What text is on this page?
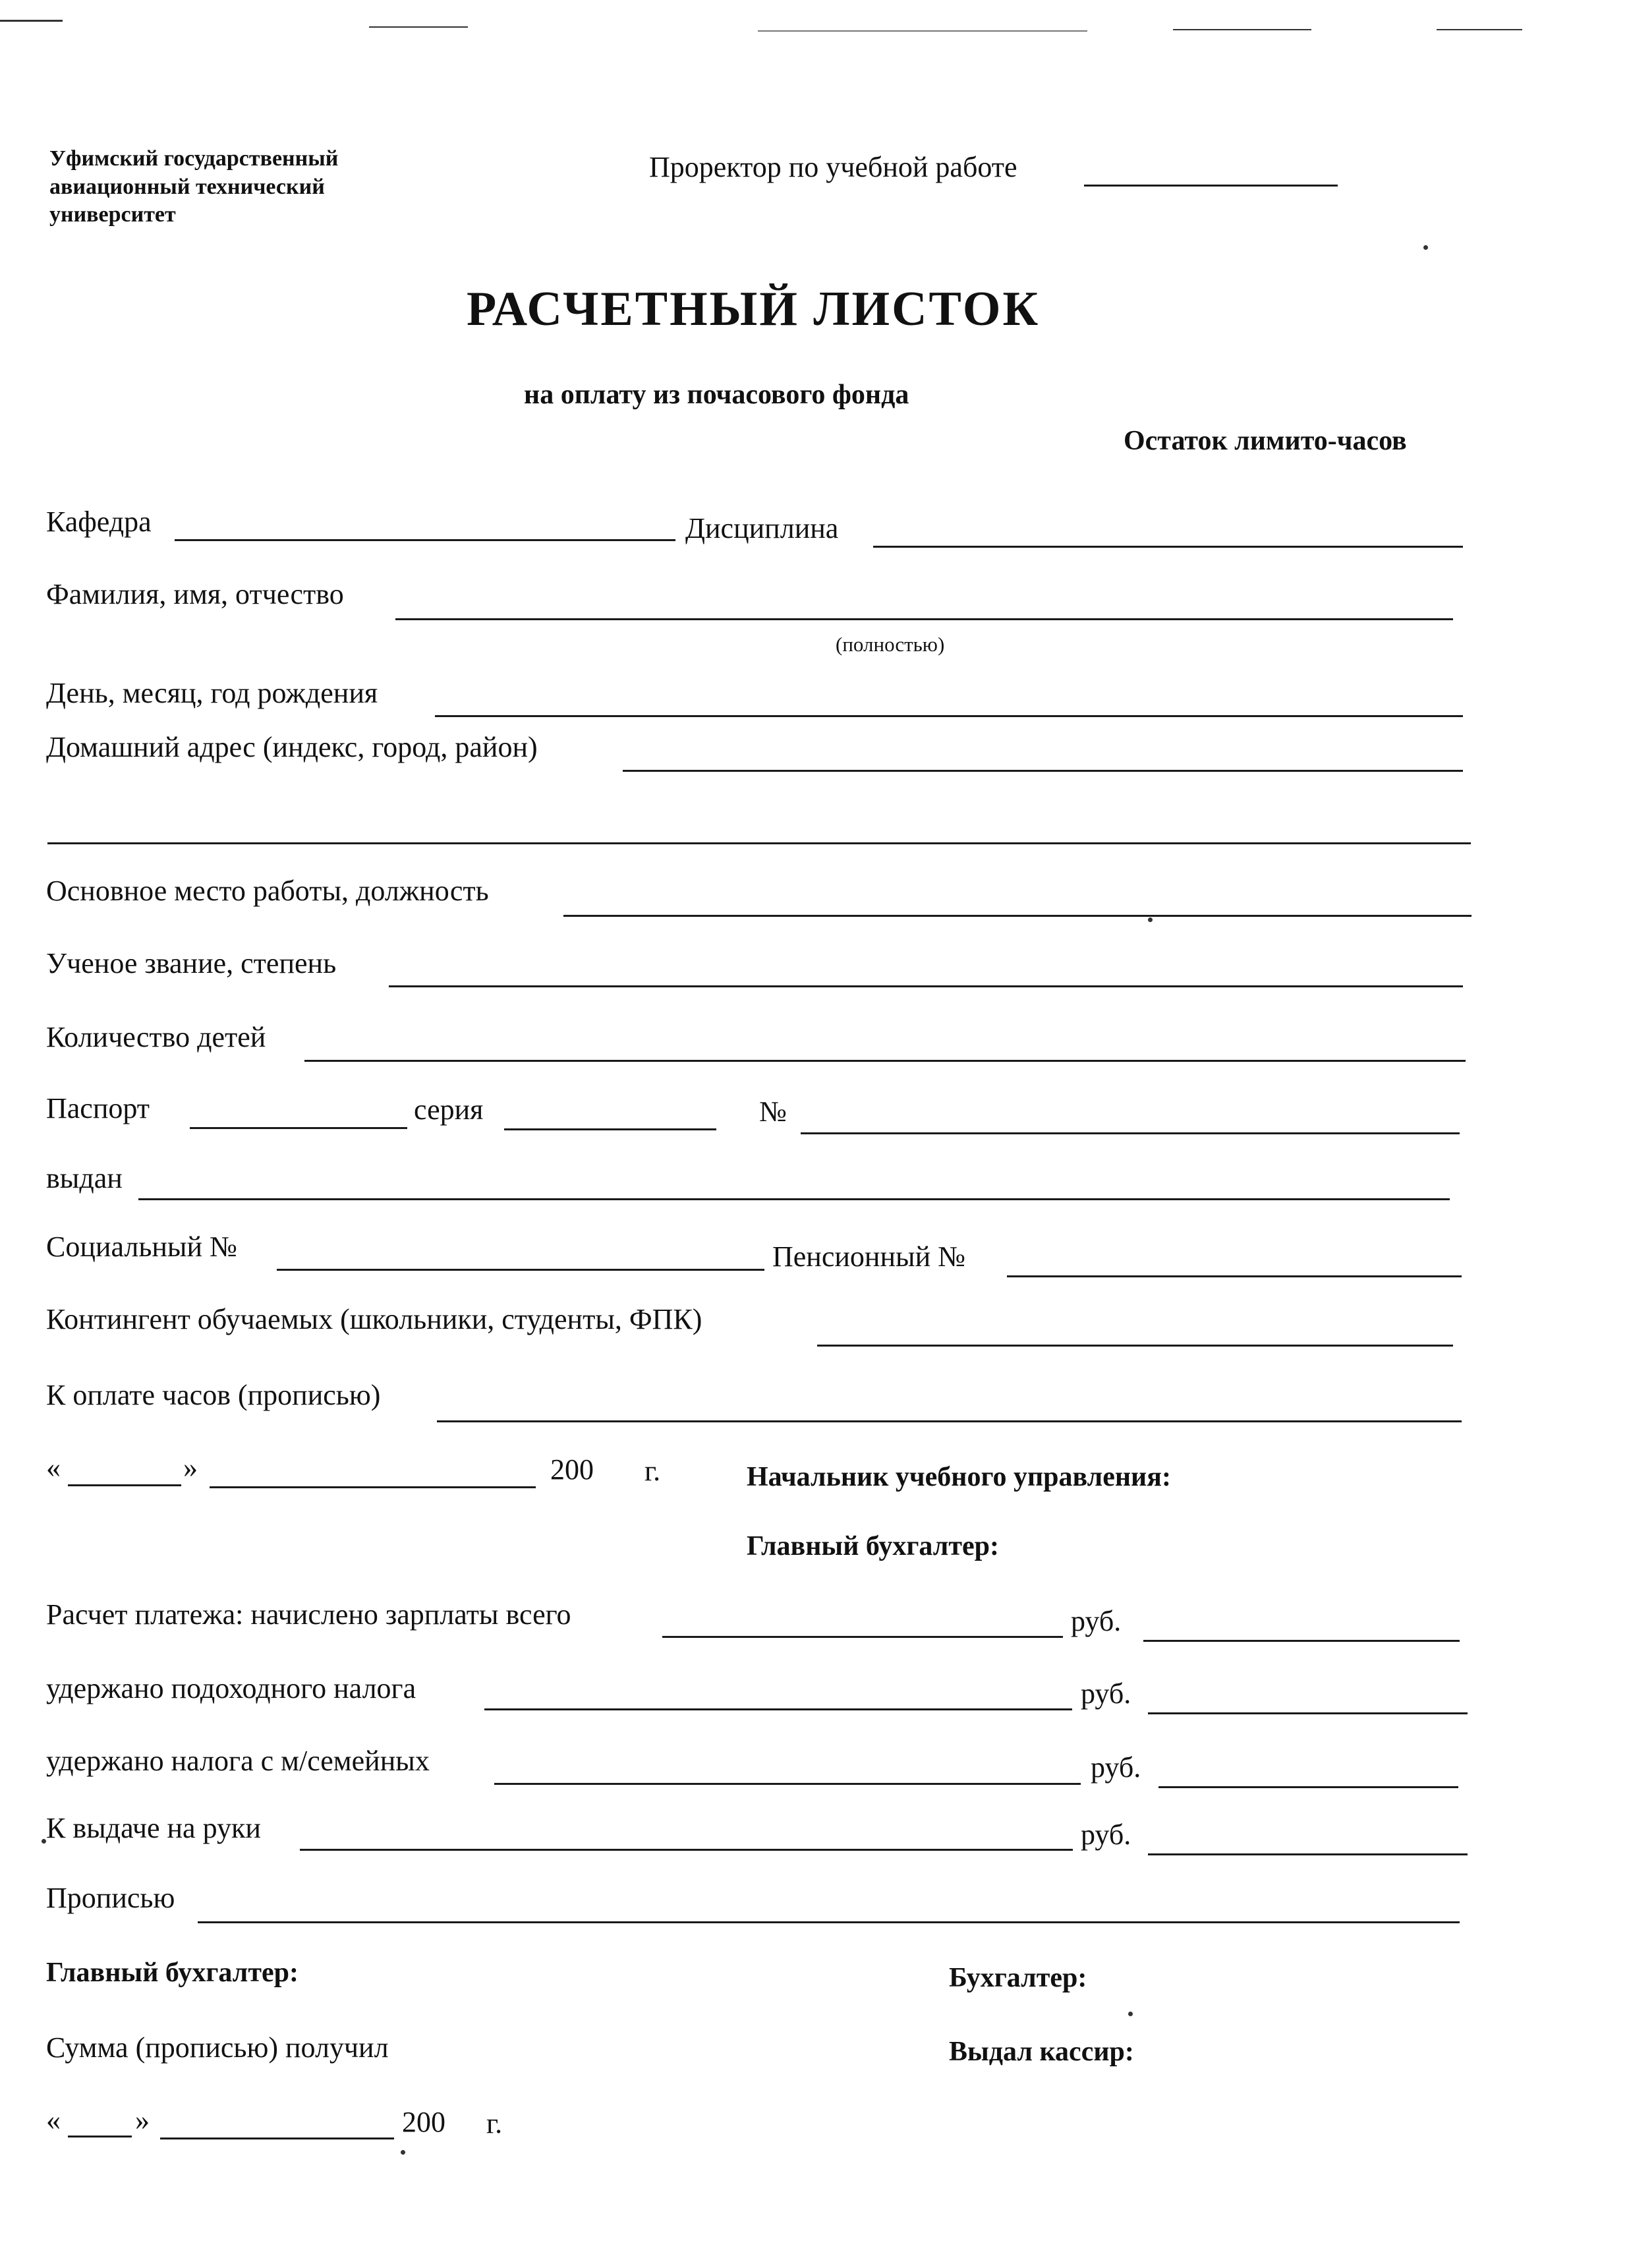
Уфимский государственный
авиационный технический
университет
Проректор по учебной работе
РАСЧЕТНЫЙ ЛИСТОК
на оплату из почасового фонда
Остаток лимито-часов
Кафедра	Дисциплина
Фамилия, имя, отчество
(полностью)
День, месяц, год рождения
Домашний адрес (индекс, город, район)
Основное место работы, должность
Ученое звание, степень
Количество детей
Паспорт	серия	№
выдан
Социальный №	Пенсионный №
Контингент обучаемых (школьники, студенты, ФПК)
К оплате часов (прописью)
«	»	200 г.	Начальник учебного управления:
Главный бухгалтер:
Расчет платежа: начислено зарплаты всего	руб.
удержано подоходного налога	руб.
удержано налога с м/семейных	руб.
К выдаче на руки	руб.
Прописью
Главный бухгалтер:	Бухгалтер:
Сумма (прописью) получил	Выдал кассир:
«	»	200 г.
